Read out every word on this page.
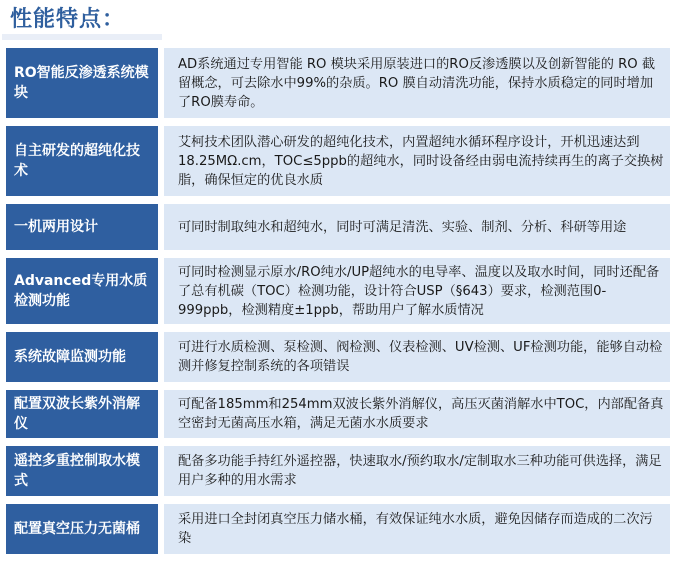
性能特点：
RO智能反渗透系统模块
AD系统通过专用智能 RO 模块采用原装进口的RO反渗透膜以及创新智能的 RO 截留概念，可去除水中99%的杂质。RO 膜自动清洗功能，保持水质稳定的同时增加了RO膜寿命。
自主研发的超纯化技术
艾柯技术团队潜心研发的超纯化技术，内置超纯水循环程序设计，开机迅速达到18.25MΩ.cm，TOC≤5ppb的超纯水，同时设备经由弱电流持续再生的离子交换树脂，确保恒定的优良水质
一机两用设计	可同时制取纯水和超纯水，同时可满足清洗、实验、制剂、分析、科研等用途
Advanced专用水质检测功能
可同时检测显示原水/RO纯水/UP超纯水的电导率、温度以及取水时间，同时还配备了总有机碳（TOC）检测功能，设计符合USP（§643）要求，检测范围0-999ppb，检测精度±1ppb，帮助用户了解水质情况
系统故障监测功能
可进行水质检测、泵检测、阀检测、仪表检测、UV检测、UF检测功能，能够自动检测并修复控制系统的各项错误
配置双波长紫外消解仪
可配备185mm和254mm双波长紫外消解仪，高压灭菌消解水中TOC，内部配备真空密封无菌高压水箱，满足无菌水水质要求
遥控多重控制取水模式
配备多功能手持红外遥控器，快速取水/预约取水/定制取水三种功能可供选择，满足用户多种的用水需求
配置真空压力无菌桶
采用进口全封闭真空压力储水桶，有效保证纯水水质，避免因储存而造成的二次污染
